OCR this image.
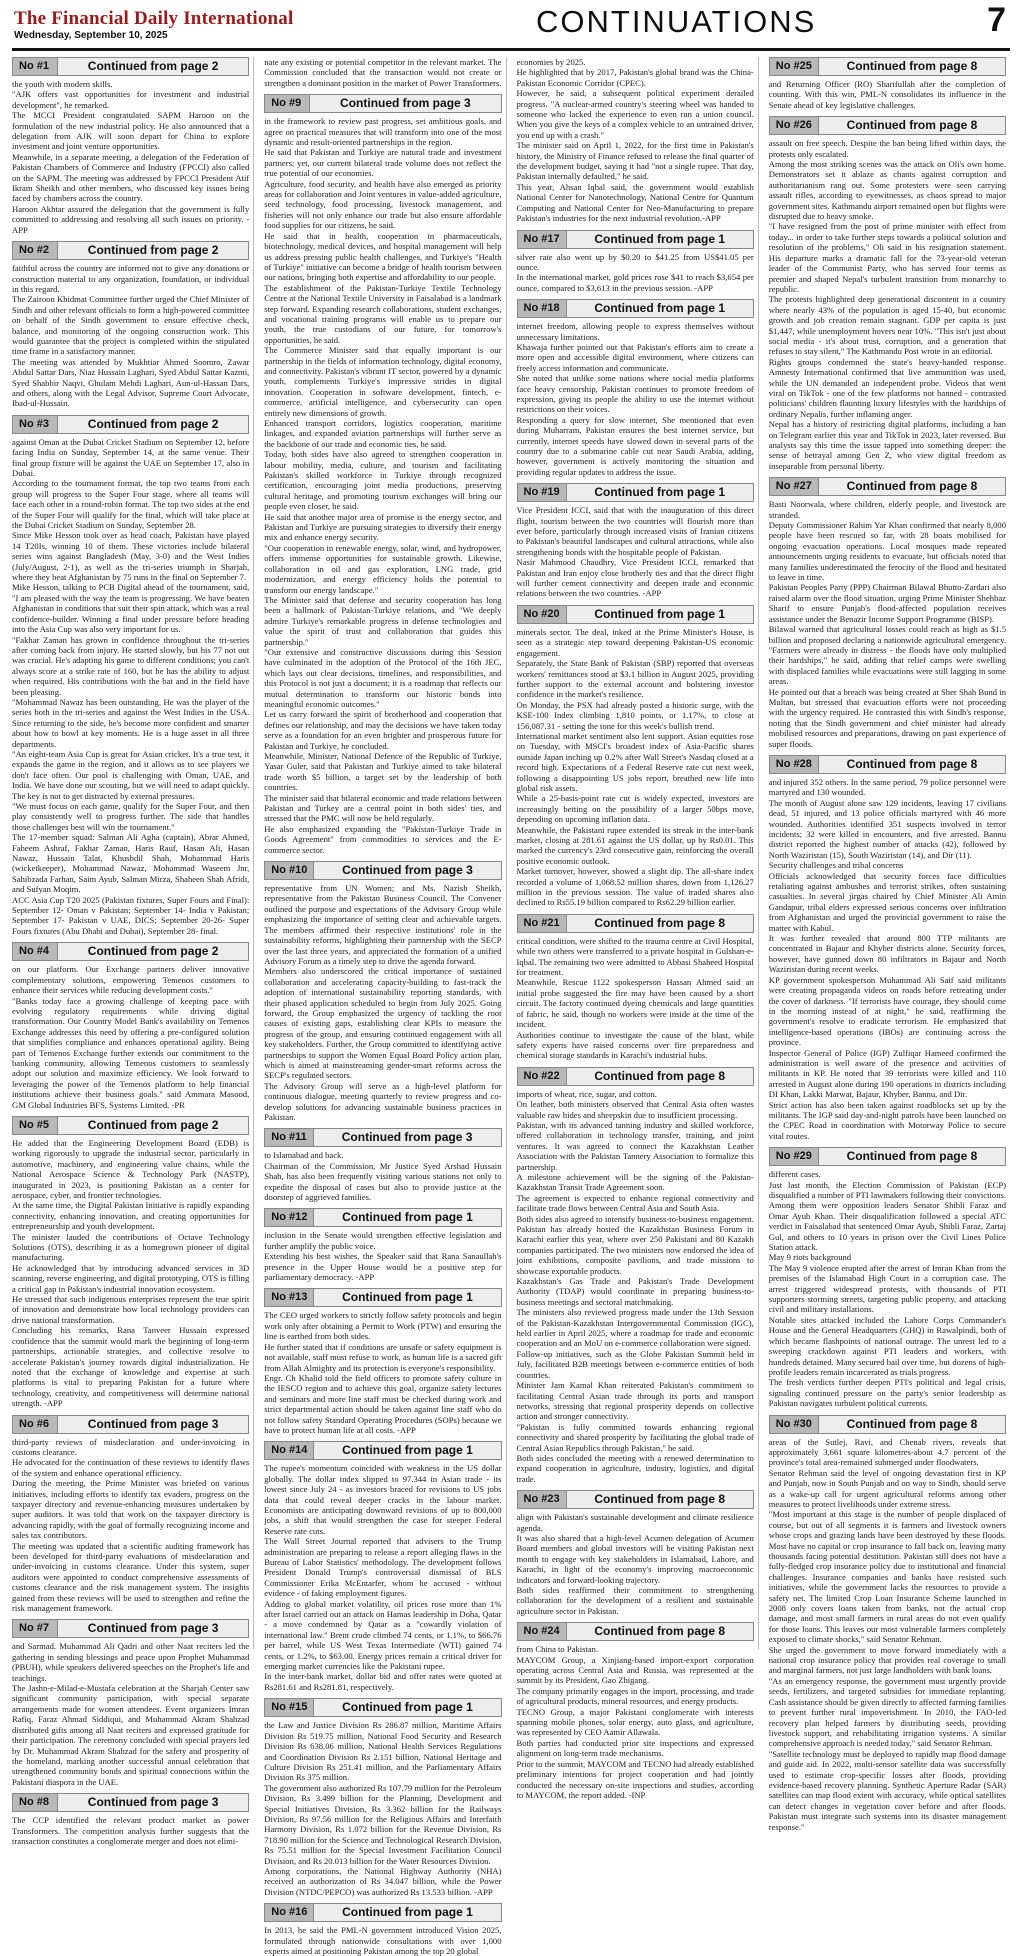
The Financial Daily International
Wednesday, September 10, 2025	CONTINUATIONS	7
No #1	Continued from page 2

the youth with modern skills.

"AJK offers vast opportunities for investment and industrial development", he remarked.

The MCCI President congratulated SAPM Haroon on the formulation of the new industrial policy. He also announced that a delegation from AJK will soon depart for China to explore investment and joint venture opportunities.

Meanwhile, in a separate meeting, a delegation of the Federation of Pakistan Chambers of Commerce and Industry (FPCCI) also called on the SAPM. The meeting was addressed by FPCCI President Atif Ikram Sheikh and other members, who discussed key issues being faced by chambers across the country.

Haroon Akhtar assured the delegation that the government is fully committed to addressing and resolving all such issues on priority. -APP

No #2	Continued from page 2

faithful across the country are informed not to give any donations or construction material to any organization, foundation, or individual in this regard.

The Zairoon Khidmat Committee further urged the Chief Minister of Sindh and other relevant officials to form a high-powered committee on behalf of the Sindh government to ensure effective check, balance, and monitoring of the ongoing construction work. This would guarantee that the project is completed within the stipulated time frame in a satisfactory manner.

The meeting was attended by Mukhtiar Ahmed Soomro, Zawar Abdul Sattar Dars, Niaz Hussain Laghari, Syed Abdul Sattar Kazmi, Syed Shabbir Naqvi, Ghulam Mehdi Laghari, Aun-ul-Hassan Dars, and others, along with the Legal Advisor, Supreme Court Advocate, Ibad-ul-Hussain.

No #3	Continued from page 2

against Oman at the Dubai Cricket Stadium on September 12, before facing India on Sunday, September 14, at the same venue. Their final group fixture will be against the UAE on September 17, also in Dubai.

According to the tournament format, the top two teams from each group will progress to the Super Four stage, where all teams will face each other in a round-robin format. The top two sides at the end of the Super Four will qualify for the final, which will take place at the Dubai Cricket Stadium on Sunday, September 28.

Since Mike Hesson took over as head coach, Pakistan have played 14 T20Is, winning 10 of them. These victories include bilateral series wins against Bangladesh (May, 3-0) and the West Indies (July/August, 2-1), as well as the tri-series triumph in Sharjah, where they beat Afghanistan by 75 runs in the final on September 7.

Mike Hesson, talking to PCB Digital ahead of the tournament, said, "I am pleased with the way the team is progressing. We have beaten Afghanistan in conditions that suit their spin attack, which was a real confidence-builder. Winning a final under pressure before heading into the Asia Cup was also very important for us.

"Fakhar Zaman has grown in confidence throughout the tri-series after coming back from injury. He started slowly, but his 77 not out was crucial. He's adapting his game to different conditions; you can't always score at a strike rate of 160, but he has the ability to adjust when required. His contributions with the bat and in the field have been pleasing.

"Mohammad Nawaz has been outstanding. He was the player of the series both in the tri-series and against the West Indies in the USA. Since returning to the side, he's become more confident and smarter about how to bowl at key moments. He is a huge asset in all three departments.

"An eight-team Asia Cup is great for Asian cricket. It's a true test, it expands the game in the region, and it allows us to see players we don't face often. Our pool is challenging with Oman, UAE, and India. We have done our scouting, but we will need to adapt quickly. The key is not to get distracted by external pressures.

"We must focus on each game, qualify for the Super Four, and then play consistently well to progress further. The side that handles those challenges best will win the tournament."

The 17-member squad: Salman Ali Agha (captain), Abrar Ahmed, Faheem Ashraf, Fakhar Zaman, Haris Rauf, Hasan Ali, Hasan Nawaz, Hussain Talat, Khushdil Shah, Mohammad Haris (wicketkeeper), Mohammad Nawaz, Mohammad Waseem Jnr, Sahibzada Farhan, Saim Ayub, Salman Mirza, Shaheen Shah Afridi, and Sufyan Moqim.

ACC Asia Cup T20 2025 (Pakistan fixtures, Super Fours and Final): September 12- Oman v Pakistan; September 14- India v Pakistan; September 17- Pakistan v UAE, DICS; September 20-26- Super Fours fixtures (Abu Dhabi and Dubai), September 28- final.

No #4	Continued from page 2

on our platform. Our Exchange partners deliver innovative complementary solutions, empowering Temenos customers to enhance their services while reducing development costs."

"Banks today face a growing challenge of keeping pace with evolving regulatory requirements while driving digital transformation. Our Country Model Bank's availability on Temenos Exchange addresses this need by offering a pre-configured solution that simplifies compliance and enhances operational agility. Being part of Temenos Exchange further extends our commitment to the banking community, allowing Temenos customers to seamlessly adopt our solution and maximize efficiency. We look forward to leveraging the power of the Temenos platform to help financial institutions achieve their business goals." said Ammara Masood, GM Global Industries BFS, Systems Limited. -PR

No #5	Continued from page 2

He added that the Engineering Development Board (EDB) is working rigorously to upgrade the industrial sector, particularly in automotive, machinery, and engineering value chains, while the National Aerospace Science & Technology Park (NASTP), inaugurated in 2023, is positioning Pakistan as a center for aerospace, cyber, and frontier technologies.

At the same time, the Digital Pakistan Initiative is rapidly expanding connectivity, enhancing innovation, and creating opportunities for entrepreneurship and youth development.

The minister lauded the contributions of Octave Technology Solutions (OTS), describing it as a homegrown pioneer of digital manufacturing.

He acknowledged that by introducing advanced services in 3D scanning, reverse engineering, and digital prototyping, OTS is filling a critical gap in Pakistan's industrial innovation ecosystem.

He stressed that such indigenous enterprises represent the true spirit of innovation and demonstrate how local technology providers can drive national transformation.

Concluding his remarks, Rana Tanveer Hussain expressed confidence that the summit would mark the beginning of long-term partnerships, actionable strategies, and collective resolve to accelerate Pakistan's journey towards digital industrialization. He noted that the exchange of knowledge and expertise at such platforms is vital to preparing Pakistan for a future where technology, creativity, and competitiveness will determine national strength. -APP

No #6	Continued from page 3

third-party reviews of misdeclaration and under-invoicing in customs clearance.

He advocated for the continuation of these reviews to identify flaws of the system and enhance operational efficiency.

During the meeting, the Prime Minister was briefed on various initiatives, including efforts to identify tax evaders, progress on the taxpayer directory and revenue-enhancing measures undertaken by super auditors. It was told that work on the taxpayer directory is advancing rapidly, with the goal of formally recognizing income and sales tax contributors.

The meeting was updated that a scientific auditing framework has been developed for third-party evaluations of misdeclaration and under-invoicing in customs clearance. Under this system, super auditors were appointed to conduct comprehensive assessments of customs clearance and the risk management system. The insights gained from these reviews will be used to strengthen and refine the risk management framework.

No #7	Continued from page 3

and Sarmad. Muhammad Ali Qadri and other Naat reciters led the gathering in sending blessings and peace upon Prophet Muhammad (PBUH), while speakers delivered speeches on the Prophet's life and teachings.

The Jashn-e-Milad-e-Mustafa celebration at the Sharjah Center saw significant community participation, with special separate arrangements made for women attendees. Event organizers Imran Rafiq, Faraz Ahmad Siddiqui, and Muhammad Akram Shahzad distributed gifts among all Naat reciters and expressed gratitude for their participation. The ceremony concluded with special prayers led by Dr. Muhammad Akram Shahzad for the safety and prosperity of the homeland, marking another successful annual celebration that strengthened community bonds and spiritual connections within the Pakistani diaspora in the UAE.

No #8	Continued from page 3

The CCP identified the relevant product market as power Transformers. The competition analysis further suggests that the transaction constitutes a conglomerate merger and does not elimi-

nate any existing or potential competitor in the relevant market. The Commission concluded that the transaction would not create or strengthen a dominant position in the market of Power Transformers.

No #9	Continued from page 3

in the framework to review past progress, set ambitious goals, and agree on practical measures that will transform into one of the most dynamic and result-oriented partnerships in the region.

He said that Pakistan and Turkiye are natural trade and investment partners; yet, our current bilateral trade volume does not reflect the true potential of our economies.

Agriculture, food security, and health have also emerged as priority areas for collaboration and Joint ventures in value-added agriculture, seed technology, food processing, livestock management, and fisheries will not only enhance our trade but also ensure affordable food supplies for our citizens, he said.

He said that in health, cooperation in pharmaceuticals, biotechnology, medical devices, and hospital management will help us address pressing public health challenges, and Turkiye's "Health of Turkiye" initiative can become a bridge of health tourism between our nations, bringing both expertise and affordability to our people.

The establishment of the Pakistan-Turkiye Textile Technology Centre at the National Textile University in Faisalabad is a landmark step forward. Expanding research collaborations, student exchanges, and vocational training programs will enable us to prepare our youth, the true custodians of our future, for tomorrow's opportunities, he said.

The Commerce Minister said that equally important is our partnership in the fields of information technology, digital economy, and connectivity. Pakistan's vibrant IT sector, powered by a dynamic youth, complements Turkiye's impressive strides in digital innovation. Cooperation in software development, fintech, e-commerce, artificial intelligence, and cybersecurity can open entirely new dimensions of growth.

Enhanced transport corridors, logistics cooperation, maritime linkages, and expanded aviation partnerships will further serve as the backbone of our trade and economic ties, he said.

Today, both sides have also agreed to strengthen cooperation in labour mobility, media, culture, and tourism and facilitating Pakistan's skilled workforce in Turkiye through recognized certification, encouraging joint media productions, preserving cultural heritage, and promoting tourism exchanges will bring our people even closer, he said.

He said that another major area of promise is the energy sector, and Pakistan and Turkiye are pursuing strategies to diversify their energy mix and enhance energy security.

"Our cooperation in renewable energy, solar, wind, and hydropower, offers immense opportunities for sustainable growth. Likewise, collaboration in oil and gas exploration, LNG trade, grid modernization, and energy efficiency holds the potential to transform our energy landscape."

The Minister said that defense and security cooperation has long been a hallmark of Pakistan-Turkiye relations, and "We deeply admire Turkiye's remarkable progress in defense technologies and value the spirit of trust and collaboration that guides this partnership."

"Our extensive and constructive discussions during this Session have culminated in the adoption of the Protocol of the 16th JEC, which lays out clear decisions, timelines, and responsibilities, and this Protocol is not just a document; it is a roadmap that reflects our mutual determination to transform our historic bonds into meaningful economic outcomes."

Let us carry forward the spirit of brotherhood and cooperation that defines our relationship, and may the decisions we have taken today serve as a foundation for an even brighter and prosperous future for Pakistan and Turkiye, he concluded.

Meanwhile, Minister, National Defence of the Republic of Turkiye, Yasar Guler, said that Pakistan and Turkiye aimed to take bilateral trade worth $5 billion, a target set by the leadership of both countries.

The minister said that bilateral economic and trade relations between Pakistan and Turkey are a central point in both sides' ties, and stressed that the PMC will now be held regularly.

He also emphasized expanding the "Pakistan-Turkiye Trade in Goods Agreement" from commodities to services and the E-commerce sector.

No #10	Continued from page 3

representative from UN Women; and Ms. Nazish Sheikh, representative from the Pakistan Business Council. The Convener outlined the purpose and expectations of the Advisory Group while emphasizing the importance of setting clear and achievable targets. The members affirmed their respective institutions' role in the sustainability reforms, highlighting their partnership with the SECP over the last three years, and appreciated the formation of a unified Advisory Forum as a timely step to drive the agenda forward.

Members also underscored the critical importance of sustained collaboration and accelerating capacity-building to fast-track the adoption of international sustainability reporting standards, with their phased application scheduled to begin from July 2025. Going forward, the Group emphasized the urgency of tackling the root causes of existing gaps, establishing clear KPIs to measure the progress of the group, and ensuring continued engagement with all key stakeholders. Further, the Group committed to identifying active partnerships to support the Women Equal Board Policy action plan, which is aimed at mainstreaming gender-smart reforms across the SECP's regulated sectors.

The Advisory Group will serve as a high-level platform for continuous dialogue, meeting quarterly to review progress and co-develop solutions for advancing sustainable business practices in Pakistan.

No #11	Continued from page 3

to Islamabad and back.

Chairman of the Commission, Mr Justice Syed Arshad Hussain Shah, has also been frequently visiting various stations not only to expedite the disposal of cases but also to provide justice at the doorstep of aggrieved families.

No #12	Continued from page 1

inclusion in the Senate would strengthen effective legislation and further amplify the public voice.

Extending his best wishes, the Speaker said that Rana Sanaullah's presence in the Upper House would be a positive step for parliamentary democracy. -APP

No #13	Continued from page 1

The CEO urged workers to strictly follow safety protocols and begin work only after obtaining a Permit to Work (PTW) and ensuring the line is earthed from both sides.

He further stated that if conditions are unsafe or safety equipment is not available, staff must refuse to work, as human life is a sacred gift from Allah Almighty and its protection is everyone's responsibility.

Engr. Ch Khalid told the field officers to promote safety culture in the IESCO region and to achieve this goal, organize safety lectures and seminars and more line staff must be checked during work and strict departmental action should be taken against line staff who do not follow safety Standard Operating Procedures (SOPs) because we have to protect human life at all costs. -APP

No #14	Continued from page 1

The rupee's momentum coincided with weakness in the US dollar globally. The dollar index slipped to 97.344 in Asian trade - its lowest since July 24 - as investors braced for revisions to US jobs data that could reveal deeper cracks in the labour market. Economists are anticipating downward revisions of up to 800,000 jobs, a shift that would strengthen the case for steeper Federal Reserve rate cuts.

The Wall Street Journal reported that advisers to the Trump administration are preparing to release a report alleging flaws in the Bureau of Labor Statistics' methodology. The development follows President Donald Trump's controversial dismissal of BLS Commissioner Erika McEntarfer, whom he accused - without evidence - of faking employment figures.

Adding to global market volatility, oil prices rose more than 1% after Israel carried out an attack on Hamas leadership in Doha, Qatar - a move condemned by Qatar as a "cowardly violation of international law." Brent crude climbed 74 cents, or 1.1%, to $66.76 per barrel, while US West Texas Intermediate (WTI) gained 74 cents, or 1.2%, to $63.00. Energy prices remain a critical driver for emerging market currencies like the Pakistani rupee.

In the inter-bank market, dollar bid and offer rates were quoted at Rs281.61 and Rs281.81, respectively.

No #15	Continued from page 1

the Law and Justice Division Rs 286.87 million, Maritime Affairs Division Rs 519.75 million, National Food Security and Research Division Rs 638.06 million, National Health Services Regulations and Coordination Division Rs 2.151 billion, National Heritage and Culture Division Rs 251.41 million, and the Parliamentary Affairs Division Rs 375 million.

The government also authorized Rs 107.79 million for the Petroleum Division, Rs 3.499 billion for the Planning, Development and Special Initiatives Division, Rs 3.362 billion for the Railways Division, Rs 97.56 million for the Religious Affairs and Interfaith Harmony Division, Rs 1.072 billion for the Revenue Division, Rs 718.90 million for the Science and Technological Research Division, Rs 75.51 million for the Special Investment Facilitation Council Division, and Rs 20.013 billion for the Water Resources Division.

Among corporations, the National Highway Authority (NHA) received an authorization of Rs 34.047 billion, while the Power Division (NTDC/PEPCO) was authorized Rs 13.533 billion. -APP

No #16	Continued from page 1

In 2013, he said the PML-N government introduced Vision 2025, formulated through nationwide consultations with over 1,000 experts aimed at positioning Pakistan among the top 20 global

economies by 2025.

He highlighted that by 2017, Pakistan's global brand was the China-Pakistan Economic Corridor (CPEC).

However, he said, a subsequent political experiment derailed progress. "A nuclear-armed country's steering wheel was handed to someone who lacked the experience to even run a union council. When you give the keys of a complex vehicle to an untrained driver, you end up with a crash."

The minister said on April 1, 2022, for the first time in Pakistan's history, the Ministry of Finance refused to release the final quarter of the development budget, saying it had "not a single rupee. That day, Pakistan internally defaulted," he said.

This year, Ahsan Iqbal said, the government would establish National Center for Nanotechnology, National Centre for Quantum Computing and National Center for Neo-Manufacturing to prepare Pakistan's industries for the next industrial revolution.-APP

No #17	Continued from page 1

silver rate also went up by $0.20 to $41.25 from US$41.05 per ounce.

In the international market, gold prices rose $41 to reach $3,654 per ounce, compared to $3,613 in the previous session. -APP

No #18	Continued from page 1

internet freedom, allowing people to express themselves without unnecessary limitations.

Khawaja further pointed out that Pakistan's efforts aim to create a more open and accessible digital environment, where citizens can freely access information and communicate.

She noted that unlike some nations where social media platforms face heavy censorship, Pakistan continues to promote freedom of expression, giving its people the ability to use the internet without restrictions on their voices.

Responding a query for slow internet, She mentioned that even during Muharram, Pakistan ensures the best internet service, but currently, internet speeds have slowed down in several parts of the country due to a submarine cable cut near Saudi Arabia, adding, however, government is actively monitoring the situation and providing regular updates to address the issue.

No #19	Continued from page 1

Vice President ICCI, said that with the inauguration of this direct flight, tourism between the two countries will flourish more than ever before, particularly through increased visits of Iranian citizens to Pakistan's beautiful landscapes and cultural attractions, while also strengthening bonds with the hospitable people of Pakistan.

Nasir Mahmood Chaudhry, Vice President ICCI, remarked that Pakistan and Iran enjoy close brotherly ties and that the direct flight will further cement connectivity and deepen trade and economic relations between the two countries. -APP

No #20	Continued from page 1

minerals sector. The deal, inked at the Prime Minister's House, is seen as a strategic step toward deepening Pakistan-US economic engagement.

Separately, the State Bank of Pakistan (SBP) reported that overseas workers' remittances stood at $3.1 billion in August 2025, providing further support to the external account and bolstering investor confidence in the market's resilience.

On Monday, the PSX had already posted a historic surge, with the KSE-100 Index climbing 1,810 points, or 1.17%, to close at 156,087.31 - setting the tone for this week's bullish trend.

International market sentiment also lent support. Asian equities rose on Tuesday, with MSCI's broadest index of Asia-Pacific shares outside Japan inching up 0.2% after Wall Street's Nasdaq closed at a record high. Expectations of a Federal Reserve rate cut next week, following a disappointing US jobs report, breathed new life into global risk assets.

While a 25-basis-point rate cut is widely expected, investors are increasingly betting on the possibility of a larger 50bps move, depending on upcoming inflation data.

Meanwhile, the Pakistani rupee extended its streak in the inter-bank market, closing at 281.61 against the US dollar, up by Rs0.01. This marked the currency's 23rd consecutive gain, reinforcing the overall positive economic outlook.

Market turnover, however, showed a slight dip. The all-share index recorded a volume of 1,068.52 million shares, down from 1,126.27 million in the previous session. The value of traded shares also declined to Rs55.19 billion compared to Rs62.29 billion earlier.

No #21	Continued from page 8

critical condition, were shifted to the trauma centre at Civil Hospital, while two others were transferred to a private hospital in Gulshan-e-Iqbal. The remaining two were admitted to Abbasi Shaheed Hospital for treatment.

Meanwhile, Rescue 1122 spokesperson Hassan Ahmed said an initial probe suggested the fire may have been caused by a short circuit. The factory continued dyeing chemicals and large quantities of fabric, he said, though no workers were inside at the time of the incident.

Authorities continue to investigate the cause of the blast, while safety experts have raised concerns over fire preparedness and chemical storage standards in Karachi's industrial hubs.

No #22	Continued from page 8

imports of wheat, rice, sugar, and cotton.

On leather, both ministers observed that Central Asia often wastes valuable raw hides and sheepskin due to insufficient processing.

Pakistan, with its advanced tanning industry and skilled workforce, offered collaboration in technology transfer, training, and joint ventures. It was agreed to connect the Kazakhstan Leather Association with the Pakistan Tannery Association to formalize this partnership.

A milestone achievement will be the signing of the Pakistan-Kazakhstan Transit Trade Agreement soon.

The agreement is expected to enhance regional connectivity and facilitate trade flows between Central Asia and South Asia.

Both sides also agreed to intensify business-to-business engagement. Pakistan has already hosted the Kazakhstan Business Forum in Karachi earlier this year, where over 250 Pakistani and 80 Kazakh companies participated. The two ministers now endorsed the idea of joint exhibitions, composite pavilions, and trade missions to showcase exportable products.

Kazakhstan's Gas Trade and Pakistan's Trade Development Authority (TDAP) would coordinate in preparing business-to-business meetings and sectoral matchmaking.

The ministers also reviewed progress made under the 13th Session of the Pakistan-Kazakhstan Intergovernmental Commission (IGC), held earlier in April 2025, where a roadmap for trade and economic cooperation and an MoU on e-commerce collaboration were signed.

Follow-up initiatives, such as the Globe Pakistan Summit held in July, facilitated B2B meetings between e-commerce entities of both countries.

Minister Jam Kamal Khan reiterated Pakistan's commitment to facilitating Central Asian trade through its ports and transport networks, stressing that regional prosperity depends on collective action and stronger connectivity.

"Pakistan is fully committed towards enhancing regional connectivity and shared prosperity by facilitating the global trade of Central Asian Republics through Pakistan," he said.

Both sides concluded the meeting with a renewed determination to expand cooperation in agriculture, industry, logistics, and digital trade.

No #23	Continued from page 8

align with Pakistan's sustainable development and climate resilience agenda.

It was also shared that a high-level Acumen delegation of Acumen Board members and global investors will be visiting Pakistan next month to engage with key stakeholders in Islamabad, Lahore, and Karachi, in light of the economy's improving macroeconomic indicators and forward-looking trajectory.

Both sides reaffirmed their commitment to strengthening collaboration for the development of a resilient and sustainable agriculture sector in Pakistan.

No #24	Continued from page 8

from China to Pakistan.

MAYCOM Group, a Xinjiang-based import-export corporation operating across Central Asia and Russia, was represented at the summit by its President, Gao Zhigang.

The company primarily engages in the import, processing, and trade of agricultural products, mineral resources, and energy products.

TECNO Group, a major Pakistani conglomerate with interests spanning mobile phones, solar energy, auto glass, and agriculture, was represented by CEO Aamir Allawala.

Both parties had conducted prior site inspections and expressed alignment on long-term trade mechanisms.

Prior to the summit, MAYCOM and TECNO had already established preliminary intentions for project cooperation and had jointly conducted the necessary on-site inspections and studies, according to MAYCOM, the report added. -INP

No #25	Continued from page 8

and Returning Officer (RO) Sharifullah after the completion of counting. With this win, PML-N consolidates its influence in the Senate ahead of key legislative challenges.

No #26	Continued from page 8

assault on free speech. Despite the ban being lifted within days, the protests only escalated.

Among the most striking scenes was the attack on Oli's own home. Demonstrators set it ablaze as chants against corruption and authoritarianism rang out. Some protesters were seen carrying assault rifles, according to eyewitnesses, as chaos spread to major government sites. Kathmandu airport remained open but flights were disrupted due to heavy smoke.

"I have resigned from the post of prime minister with effect from today... in order to take further steps towards a political solution and resolution of the problems," Oli said in his resignation statement. His departure marks a dramatic fall for the 73-year-old veteran leader of the Communist Party, who has served four terms as premier and shaped Nepal's turbulent transition from monarchy to republic.

The protests highlighted deep generational discontent in a country where nearly 43% of the population is aged 15-40, but economic growth and job creation remain stagnant. GDP per capita is just $1,447, while unemployment hovers near 10%. "This isn't just about social media - it's about trust, corruption, and a generation that refuses to stay silent," The Kathmandu Post wrote in an editorial.

Rights groups condemned the state's heavy-handed response. Amnesty International confirmed that live ammunition was used, while the UN demanded an independent probe. Videos that went viral on TikTok - one of the few platforms not banned - contrasted politicians' children flaunting luxury lifestyles with the hardships of ordinary Nepalis, further inflaming anger.

Nepal has a history of restricting digital platforms, including a ban on Telegram earlier this year and TikTok in 2023, later reversed. But analysts say this time the issue tapped into something deeper: the sense of betrayal among Gen Z, who view digital freedom as inseparable from personal liberty.

No #27	Continued from page 8

Basti Noorwala, where children, elderly people, and livestock are stranded.

Deputy Commissioner Rahim Yar Khan confirmed that nearly 8,000 people have been rescued so far, with 28 boats mobilised for ongoing evacuation operations. Local mosques made repeated announcements urging residents to evacuate, but officials noted that many families underestimated the ferocity of the flood and hesitated to leave in time.

Pakistan Peoples Party (PPP) Chairman Bilawal Bhutto-Zardari also raised alarm over the flood situation, urging Prime Minister Shehbaz Sharif to ensure Punjab's flood-affected population receives assistance under the Benazir Income Support Programme (BISP).

Bilawal warned that agricultural losses could reach as high as $1.5 billion and proposed declaring a nationwide agricultural emergency. "Farmers were already in distress - the floods have only multiplied their hardships," he said, adding that relief camps were swelling with displaced families while evacuations were still lagging in some areas.

He pointed out that a breach was being created at Sher Shah Bund in Multan, but stressed that evacuation efforts were not proceeding with the urgency required. He contrasted this with Sindh's response, noting that the Sindh government and chief minister had already mobilised resources and preparations, drawing on past experience of super floods.

No #28	Continued from page 8

and injured 352 others. In the same period, 79 police personnel were martyred and 130 wounded.

The month of August alone saw 129 incidents, leaving 17 civilians dead, 51 injured, and 13 police officials martyred with 46 more wounded. Authorities identified 351 suspects involved in terror incidents; 32 were killed in encounters, and five arrested. Bannu district reported the highest number of attacks (42), followed by North Waziristan (15), South Waziristan (14), and Dir (11).

Security challenges and tribal concerns

Officials acknowledged that security forces face difficulties retaliating against ambushes and terrorist strikes, often sustaining casualties. In several jirgas chaired by Chief Minister Ali Amin Gandapur, tribal elders expressed serious concerns over infiltration from Afghanistan and urged the provincial government to raise the matter with Kabul.

It was further revealed that around 800 TTP militants are concentrated in Bajaur and Khyber districts alone. Security forces, however, have gunned down 80 infiltrators in Bajaur and North Waziristan during recent weeks.

KP government spokesperson Muhammad Ali Saif said militants were creating propaganda videos on roads before retreating under the cover of darkness. "If terrorists have courage, they should come in the morning instead of at night," he said, reaffirming the government's resolve to eradicate terrorism. He emphasized that intelligence-based operations (IBOs) are continuing across the province.

Inspector General of Police (IGP) Zulfiqar Hameed confirmed the administration is well aware of the presence and activities of militants in KP. He noted that 39 terrorists were killed and 110 arrested in August alone during 190 operations in districts including DI Khan, Lakki Marwat, Bajaur, Khyber, Bannu, and Dir.

Strict action has also been taken against roadblocks set up by the militants. The IGP said day-and-night patrols have been launched on the CPEC Road in coordination with Motorway Police to secure vital routes.

No #29	Continued from page 8

different cases.

Just last month, the Election Commission of Pakistan (ECP) disqualified a number of PTI lawmakers following their convictions. Among them were opposition leaders Senator Shibli Faraz and Omar Ayub Khan. Their disqualification followed a special ATC verdict in Faisalabad that sentenced Omar Ayub, Shibli Faraz, Zartaj Gul, and others to 10 years in prison over the Civil Lines Police Station attack.

May 9 riots background

The May 9 violence erupted after the arrest of Imran Khan from the premises of the Islamabad High Court in a corruption case. The arrest triggered widespread protests, with thousands of PTI supporters storming streets, targeting public property, and attacking civil and military installations.

Notable sites attacked included the Lahore Corps Commander's House and the General Headquarters (GHQ) in Rawalpindi, both of which became flashpoints of national outrage. The unrest led to a sweeping crackdown against PTI leaders and workers, with hundreds detained. Many secured bail over time, but dozens of high-profile leaders remain incarcerated as trials progress.

The fresh verdicts further deepen PTI's political and legal crisis, signaling continued pressure on the party's senior leadership as Pakistan navigates turbulent political currents.

No #30	Continued from page 8

areas of the Sutlej, Ravi, and Chenab rivers, reveals that approximately 3,661 square kilometres-about 4.7 percent of the province's total area-remained submerged under floodwaters.

Senator Rehman said the level of ongoing devastation first in KP and Punjab, now in South Punjab and on way to Sindh, should serve as a wake-up call for urgent agricultural reforms among other measures to protect livelihoods under extreme stress.

"Most important at this stage is the number of people displaced of course, but out of all segments it is farmers and livestock owners whose crops and grazing lands have been destroyed by these floods. Most have no capital or crop insurance to fall back on, leaving many thousands facing potential destitution. Pakistan still does not have a fully-fledged crop insurance policy due to institutional and financial challenges. Insurance companies and banks have resisted such initiatives, while the government lacks the resources to provide a safety net. The limited Crop Loan Insurance Scheme launched in 2008 only covers loans taken from banks, not the actual crop damage, and most small farmers in rural areas do not even qualify for those loans. This leaves our most vulnerable farmers completely exposed to climate shocks," said Senator Rehman.

She urged the government to move forward immediately with a national crop insurance policy that provides real coverage to small and marginal farmers, not just large landholders with bank loans.

"As an emergency response, the government must urgently provide seeds, fertilizers, and targeted subsidies for immediate replanting. Cash assistance should be given directly to affected farming families to prevent further rural impoverishment. In 2010, the FAO-led recovery plan helped farmers by distributing seeds, providing livestock support, and rehabilitating irrigation systems. A similar comprehensive approach is needed today," said Senator Rehman.

"Satellite technology must be deployed to rapidly map flood damage and guide aid. In 2022, multi-sensor satellite data was successfully used to estimate crop-specific losses after floods, providing evidence-based recovery planning. Synthetic Aperture Radar (SAR) satellites can map flood extent with accuracy, while optical satellites can detect changes in vegetation cover before and after floods. Pakistan must integrate such systems into its disaster management response."
